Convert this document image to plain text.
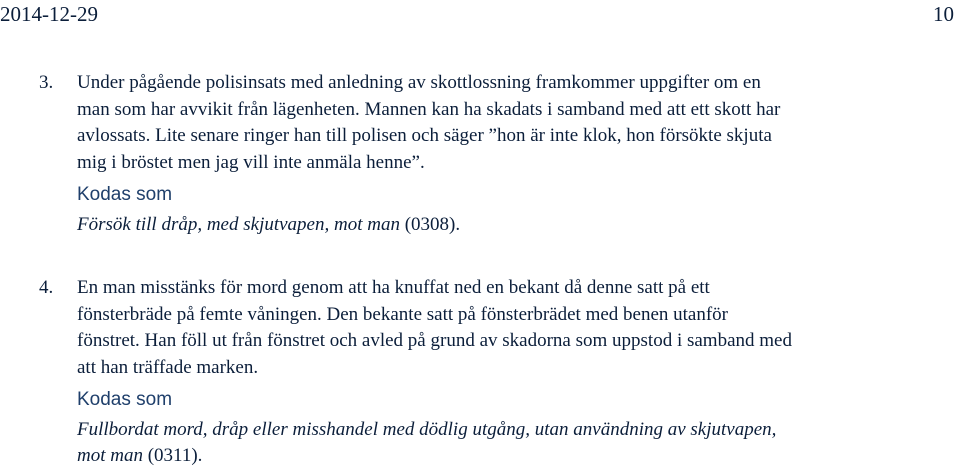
2014-12-29	10
3. Under pågående polisinsats med anledning av skottlossning framkommer uppgifter om en
man som har avvikit från lägenheten. Mannen kan ha skadats i samband med att ett skott har
avlossats. Lite senare ringer han till polisen och säger ”hon är inte klok, hon försökte skjuta
mig i bröstet men jag vill inte anmäla henne”.
Kodas som
Försök till dråp, med skjutvapen, mot man (0308).
4. En man misstänks för mord genom att ha knuffat ned en bekant då denne satt på ett
fönsterbräde på femte våningen. Den bekante satt på fönsterbrädet med benen utanför
fönstret. Han föll ut från fönstret och avled på grund av skadorna som uppstod i samband med
att han träffade marken.
Kodas som
Fullbordat mord, dråp eller misshandel med dödlig utgång, utan användning av skjutvapen,
mot man (0311).
